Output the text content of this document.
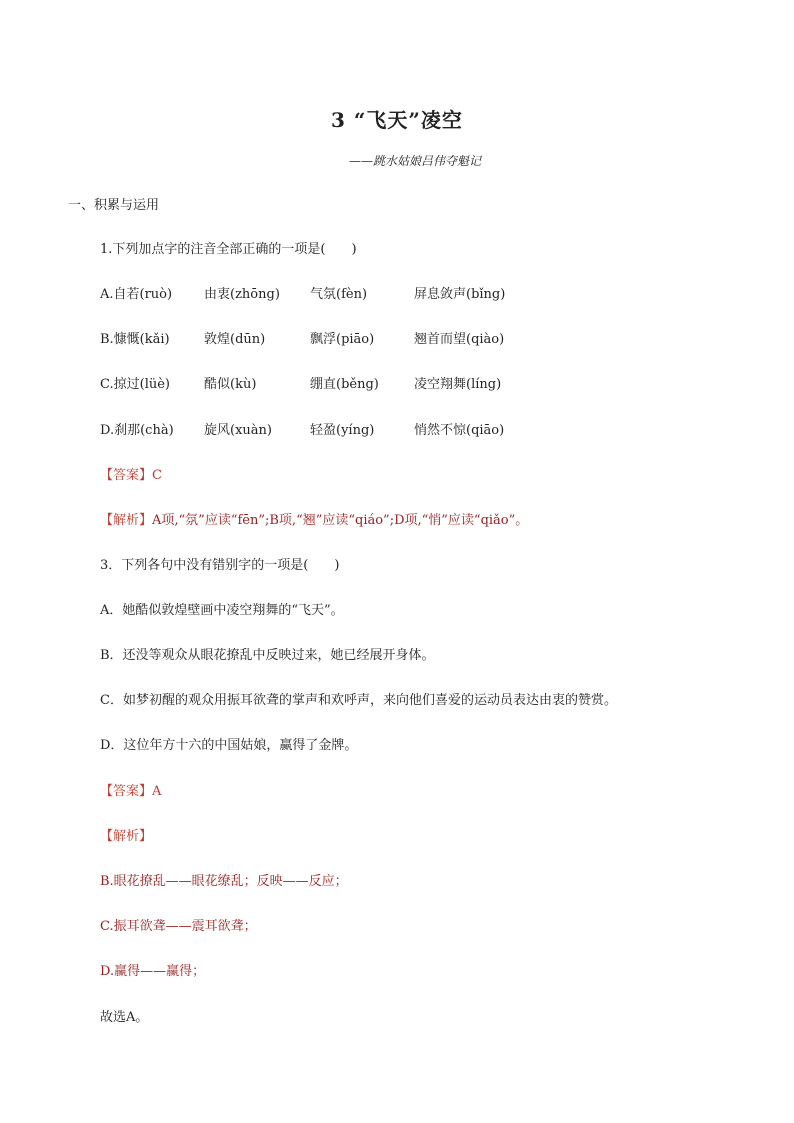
3 “飞天”凌空
——跳水姑娘吕伟夺魁记
一、积累与运用
1.下列加点字的注音全部正确的一项是(　　)
A.自若(ruò) 由衷(zhōng) 气氛(fèn)	屏息敛声(bǐng)
B.慷慨(kǎi)	敦煌(dūn)	飘浮(piāo)	翘首而望(qiào)
C.掠过(lüè)	酷似(kù)	绷直(běng)	凌空翔舞(líng)
D.刹那(chà) 旋风(xuàn)	轻盈(yíng)	悄然不惊(qiāo)
【答案】C
【解析】A项,“氛”应读“fēn”;B项,“翘”应读“qiáo”;D项,“悄”应读“qiǎo”。
3．下列各句中没有错别字的一项是(　　)
A．她酷似敦煌壁画中凌空翔舞的“飞天”。
B．还没等观众从眼花撩乱中反映过来，她已经展开身体。
C．如梦初醒的观众用振耳欲聋的掌声和欢呼声，来向他们喜爱的运动员表达由衷的赞赏。
D．这位年方十六的中国姑娘，赢得了金牌。
【答案】A
【解析】
B.眼花撩乱——眼花缭乱；反映——反应；
C.振耳欲聋——震耳欲聋；
D.赢得——赢得；
故选A。
